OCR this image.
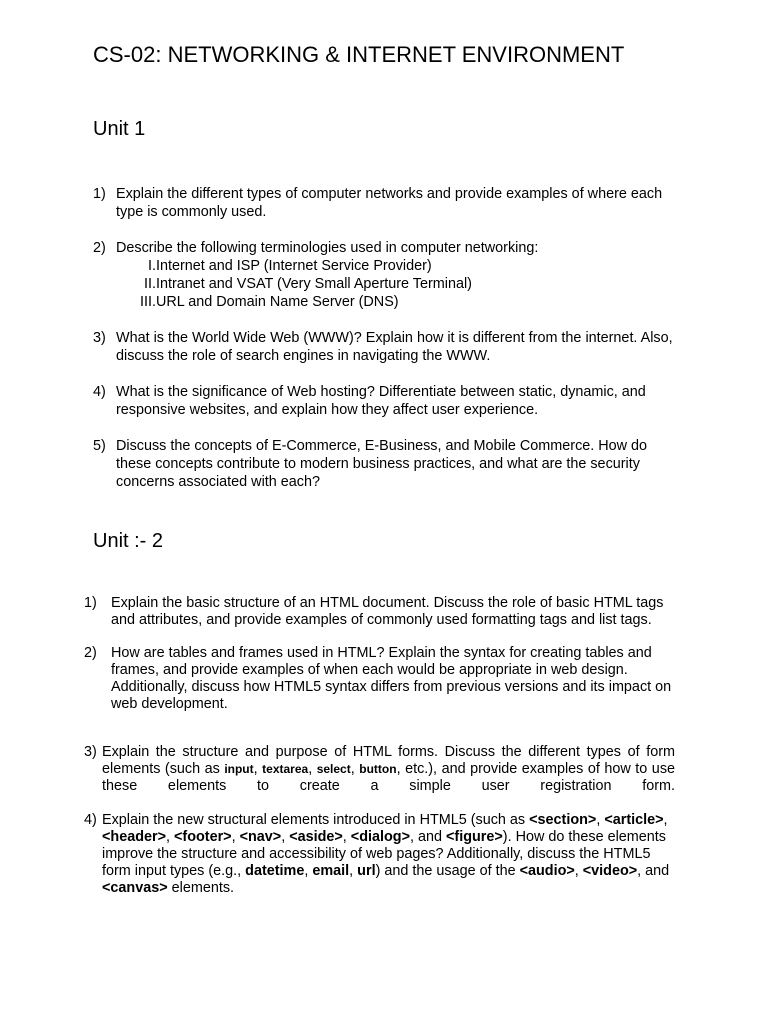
CS-02: NETWORKING & INTERNET ENVIRONMENT
Unit 1
1) Explain the different types of computer networks and provide examples of where each type is commonly used.
2) Describe the following terminologies used in computer networking:
I.Internet and ISP (Internet Service Provider)
II.Intranet and VSAT (Very Small Aperture Terminal)
III.URL and Domain Name Server (DNS)
3) What is the World Wide Web (WWW)? Explain how it is different from the internet. Also, discuss the role of search engines in navigating the WWW.
4) What is the significance of Web hosting? Differentiate between static, dynamic, and responsive websites, and explain how they affect user experience.
5) Discuss the concepts of E-Commerce, E-Business, and Mobile Commerce. How do these concepts contribute to modern business practices, and what are the security concerns associated with each?
Unit :- 2
1) Explain the basic structure of an HTML document. Discuss the role of basic HTML tags and attributes, and provide examples of commonly used formatting tags and list tags.
2) How are tables and frames used in HTML? Explain the syntax for creating tables and frames, and provide examples of when each would be appropriate in web design. Additionally, discuss how HTML5 syntax differs from previous versions and its impact on web development.
3) Explain the structure and purpose of HTML forms. Discuss the different types of form elements (such as input, textarea, select, button, etc.), and provide examples of how to use these elements to create a simple user registration form.
4) Explain the new structural elements introduced in HTML5 (such as <section>, <article>, <header>, <footer>, <nav>, <aside>, <dialog>, and <figure>). How do these elements improve the structure and accessibility of web pages? Additionally, discuss the HTML5 form input types (e.g., datetime, email, url) and the usage of the <audio>, <video>, and <canvas> elements.
